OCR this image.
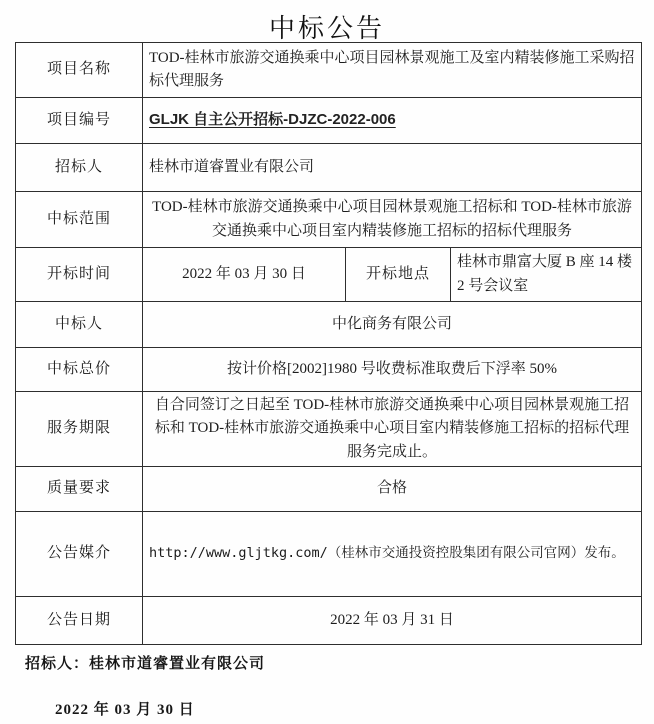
中标公告
项目名称	TOD-桂林市旅游交通换乘中心项目园林景观施工及室内精装修施工采购招标代理服务		
项目编号	GLJK 自主公开招标-DJZC-2022-006		
招标人	桂林市道睿置业有限公司		
中标范围	TOD-桂林市旅游交通换乘中心项目园林景观施工招标和 TOD-桂林市旅游交通换乘中心项目室内精装修施工招标的招标代理服务		
开标时间	2022 年 03 月 30 日	开标地点	桂林市鼎富大厦 B 座 14 楼 2 号会议室
中标人	中化商务有限公司		
中标总价	按计价格[2002]1980 号收费标准取费后下浮率 50%		
服务期限	自合同签订之日起至 TOD-桂林市旅游交通换乘中心项目园林景观施工招标和 TOD-桂林市旅游交通换乘中心项目室内精装修施工招标的招标代理服务完成止。		
质量要求	合格		
公告媒介	http://www.gljtkg.com/（桂林市交通投资控股集团有限公司官网）发布。		
公告日期	2022 年 03 月 31 日		

招标人：桂林市道睿置业有限公司

2022 年 03 月 30 日
